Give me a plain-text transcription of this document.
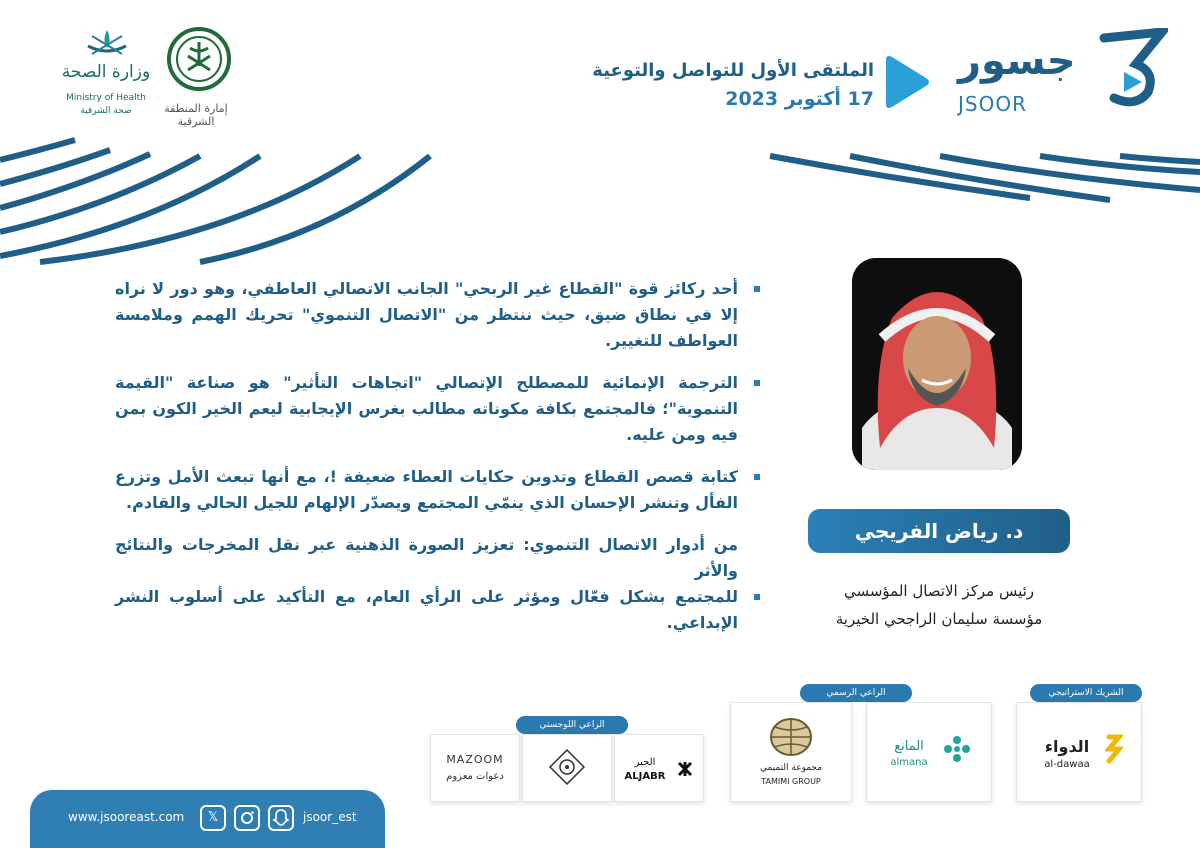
جسور
JSOOR
الملتقى الأول للتواصل والتوعية
17 أكتوبر 2023
إمارة المنطقة الشرقية
وزارة الصحة
Ministry of Health
صحة الشرقية
أحد ركائز قوة "القطاع غير الربحي" الجانب الاتصالي العاطفي، وهو دور لا نراه إلا في نطاق ضيق، حيث ننتظر من "الاتصال التنموي" تحريك الهمم وملامسة العواطف للتغيير.
الترجمة الإنمائية للمصطلح الإتصالي "اتجاهات التأثير" هو صناعة "القيمة التنموية"؛ فالمجتمع بكافة مكوناته مطالب بغرس الإيجابية ليعم الخير الكون بمن فيه ومن عليه.
كتابة قصص القطاع وتدوين حكايات العطاء ضعيفة !، مع أنها تبعث الأمل وتزرع الفأل وتنشر الإحسان الذي ينمّي المجتمع ويصدّر الإلهام للجيل الحالي والقادم.
من أدوار الاتصال التنموي: تعزيز الصورة الذهنية عبر نقل المخرجات والنتائج والأثر
للمجتمع بشكل فعّال ومؤثر على الرأي العام، مع التأكيد على أسلوب النشر الإبداعي.
د. رياض الفريجي
رئيس مركز الاتصال المؤسسي
مؤسسة سليمان الراجحي الخيرية
الشريك الاستراتيجي
الراعي الرسمي
الراعي اللوجستي
الدواء
al-dawaa
المانع
almana
مجموعة التميمي
TAMIMI GROUP
الجبر
ALJABR
MAZOOM
دعوات معزوم
www.jsooreast.com	𝕏	jsoor_est
